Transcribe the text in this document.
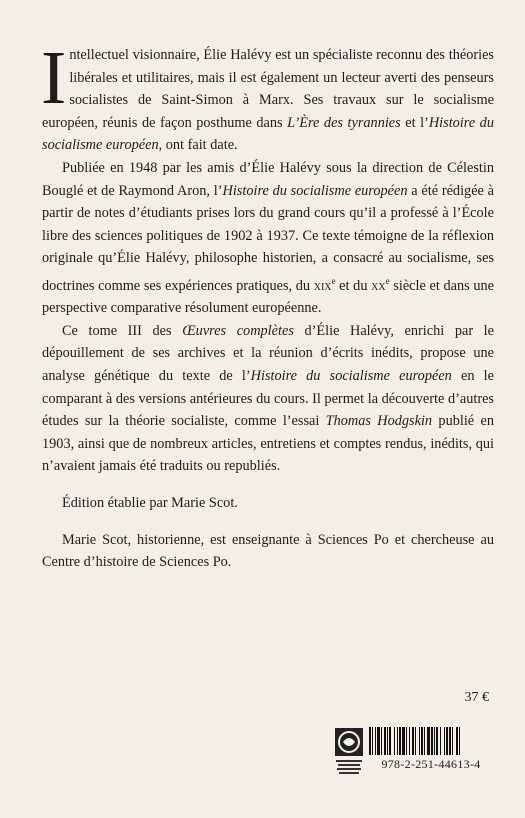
Intellectuel visionnaire, Élie Halévy est un spécialiste reconnu des théories libérales et utilitaires, mais il est également un lecteur averti des penseurs socialistes de Saint-Simon à Marx. Ses travaux sur le socialisme européen, réunis de façon posthume dans L’Ère des tyrannies et l’Histoire du socialisme européen, ont fait date.

Publiée en 1948 par les amis d’Élie Halévy sous la direction de Célestin Bouglé et de Raymond Aron, l’Histoire du socialisme européen a été rédigée à partir de notes d’étudiants prises lors du grand cours qu’il a professé à l’École libre des sciences politiques de 1902 à 1937. Ce texte témoigne de la réflexion originale qu’Élie Halévy, philosophe historien, a consacré au socialisme, ses doctrines comme ses expériences pratiques, du xix$^e$ et du $xx^e$ siècle et dans une perspective comparative résolument européenne.

Ce tome III des Œuvres complètes d’Élie Halévy, enrichi par le dépouillement de ses archives et la réunion d’écrits inédits, propose une analyse génétique du texte de l’Histoire du socialisme européen en le comparant à des versions antérieures du cours. Il permet la découverte d’autres études sur la théorie socialiste, comme l’essai Thomas Hodgskin publié en 1903, ainsi que de nombreux articles, entretiens et comptes rendus, inédits, qui n’avaient jamais été traduits ou republiés.

Édition établie par Marie Scot.

Marie Scot, historienne, est enseignante à Sciences Po et chercheuse au Centre d’histoire de Sciences Po.

37 €
978-2-251-44613-4
